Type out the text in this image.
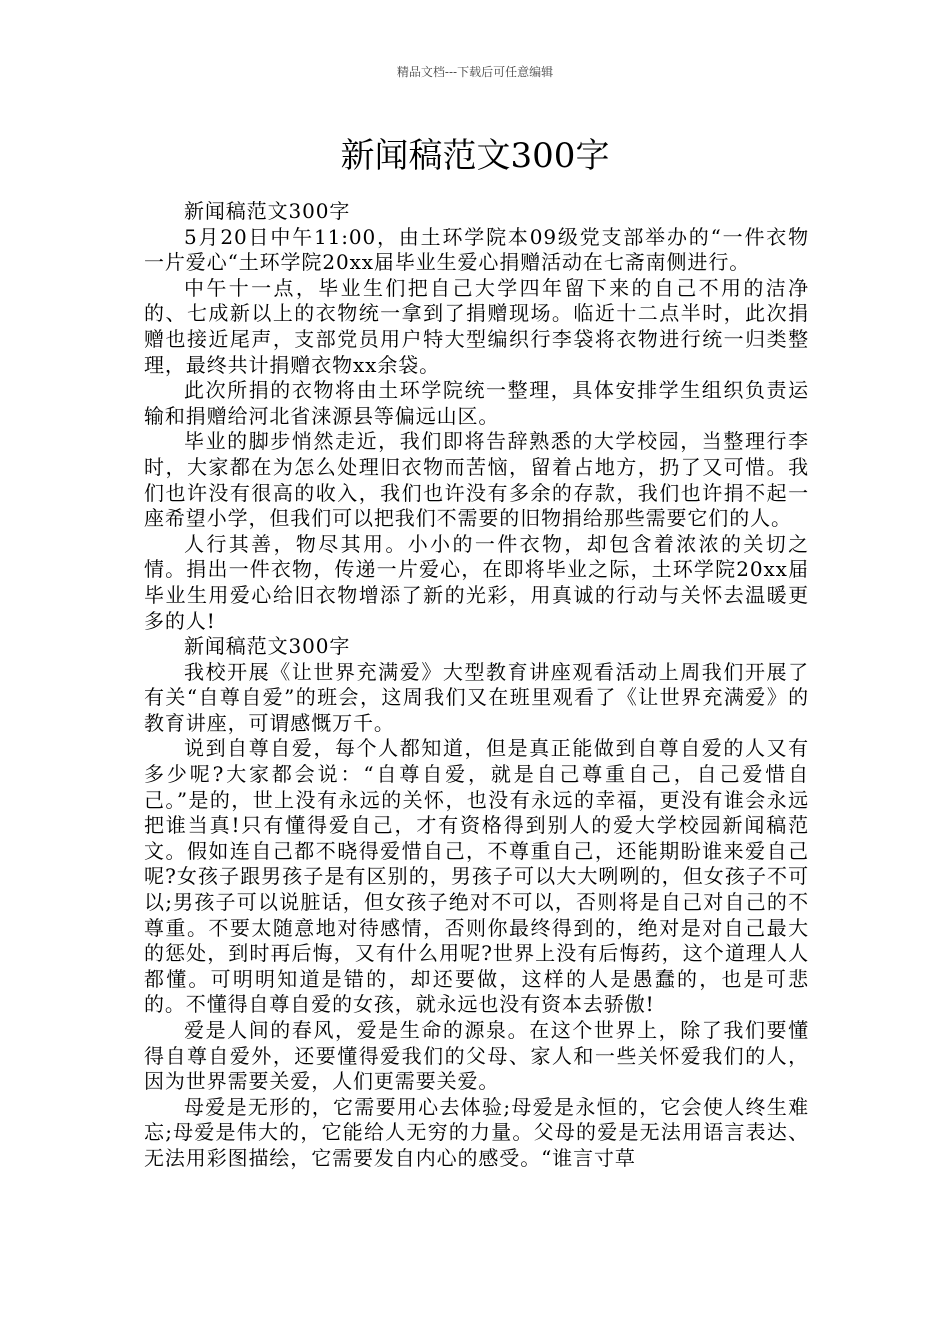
精品文档---下载后可任意编辑
新闻稿范文300字

新闻稿范文300字

5月20日中午11:00，由土环学院本09级党支部举办的“一件衣物 一片爱心“土环学院20xx届毕业生爱心捐赠活动在七斋南侧进行。

中午十一点，毕业生们把自己大学四年留下来的自己不用的洁净的、七成新以上的衣物统一拿到了捐赠现场。临近十二点半时，此次捐赠也接近尾声，支部党员用户特大型编织行李袋将衣物进行统一归类整理，最终共计捐赠衣物xx余袋。

此次所捐的衣物将由土环学院统一整理，具体安排学生组织负责运输和捐赠给河北省涞源县等偏远山区。

毕业的脚步悄然走近，我们即将告辞熟悉的大学校园，当整理行李时，大家都在为怎么处理旧衣物而苦恼，留着占地方，扔了又可惜。我们也许没有很高的收入，我们也许没有多余的存款，我们也许捐不起一座希望小学，但我们可以把我们不需要的旧物捐给那些需要它们的人。

人行其善，物尽其用。小小的一件衣物，却包含着浓浓的关切之情。捐出一件衣物，传递一片爱心，在即将毕业之际，土环学院20xx届毕业生用爱心给旧衣物增添了新的光彩，用真诚的行动与关怀去温暖更多的人!

新闻稿范文300字

我校开展《让世界充满爱》大型教育讲座观看活动上周我们开展了有关“自尊自爱”的班会，这周我们又在班里观看了《让世界充满爱》的教育讲座，可谓感慨万千。

说到自尊自爱，每个人都知道，但是真正能做到自尊自爱的人又有多少呢?大家都会说：“自尊自爱，就是自己尊重自己，自己爱惜自己。”是的，世上没有永远的关怀，也没有永远的幸福，更没有谁会永远把谁当真!只有懂得爱自己，才有资格得到别人的爱大学校园新闻稿范文。假如连自己都不晓得爱惜自己，不尊重自己，还能期盼谁来爱自己呢?女孩子跟男孩子是有区别的，男孩子可以大大咧咧的，但女孩子不可以;男孩子可以说脏话，但女孩子绝对不可以，否则将是自己对自己的不尊重。不要太随意地对待感情，否则你最终得到的，绝对是对自己最大的惩处，到时再后悔，又有什么用呢?世界上没有后悔药，这个道理人人都懂。可明明知道是错的，却还要做，这样的人是愚蠢的，也是可悲的。不懂得自尊自爱的女孩，就永远也没有资本去骄傲!

爱是人间的春风，爱是生命的源泉。在这个世界上，除了我们要懂得自尊自爱外，还要懂得爱我们的父母、家人和一些关怀爱我们的人，因为世界需要关爱，人们更需要关爱。

母爱是无形的，它需要用心去体验;母爱是永恒的，它会使人终生难忘;母爱是伟大的，它能给人无穷的力量。父母的爱是无法用语言表达、无法用彩图描绘，它需要发自内心的感受。“谁言寸草
